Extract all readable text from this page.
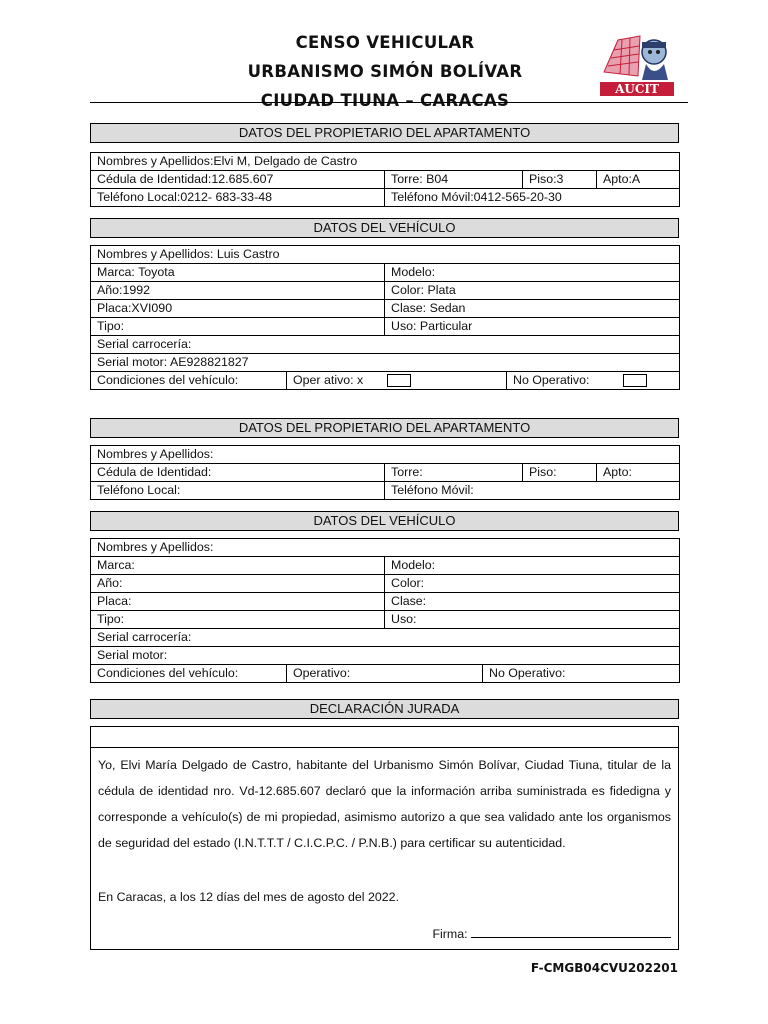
CENSO VEHICULAR
URBANISMO SIMÓN BOLÍVAR
CIUDAD TIUNA – CARACAS
AUCIT
DATOS DEL PROPIETARIO DEL APARTAMENTO
Nombres y Apellidos:Elvi M, Delgado de Castro			
Cédula de Identidad:12.685.607	Torre: B04	Piso:3	Apto:A
Teléfono Local:0212- 683-33-48	Teléfono Móvil:0412-565-20-30		
DATOS DEL VEHÍCULO
Nombres y Apellidos: Luis Castro			
Marca: Toyota		Modelo:	
Año:1992		Color: Plata	
Placa:XVI090		Clase: Sedan	
Tipo:		Uso: Particular	
Serial carrocería:			
Serial motor: AE928821827			
Condiciones del vehículo:	Oper ativo: x		No Operativo:
DATOS DEL PROPIETARIO DEL APARTAMENTO
Nombres y Apellidos:			
Cédula de Identidad:	Torre:	Piso:	Apto:
Teléfono Local:	Teléfono Móvil:		
DATOS DEL VEHÍCULO
Nombres y Apellidos:			
Marca:		Modelo:	
Año:		Color:	
Placa:		Clase:	
Tipo:		Uso:	
Serial carrocería:			
Serial motor:			
Condiciones del vehículo:	Operativo:		No Operativo:
DECLARACIÓN JURADA
Yo, Elvi María Delgado de Castro, habitante del Urbanismo Simón Bolívar, Ciudad Tiuna, titular de la cédula de identidad nro. Vd-12.685.607 declaró que la información arriba suministrada es fidedigna y corresponde a vehículo(s) de mi propiedad, asimismo autorizo a que sea validado ante los organismos de seguridad del estado (I.N.T.T.T / C.I.C.P.C. / P.N.B.) para certificar su autenticidad.
En Caracas, a los 12 días del mes de agosto del 2022.
Firma:
F-CMGB04CVU202201
